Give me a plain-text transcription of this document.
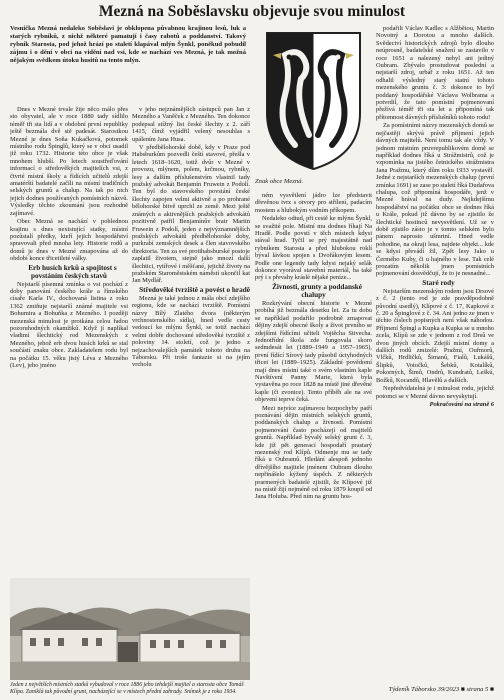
Mezná na Soběslavsku objevuje svou minulost
Vesnička Mezná nedaleko Soběslavi je obklopena půvabnou krajinou lesů, luk a starých rybníků, z nichž některé pamatují i časy rabotů a poddanství. Takový rybník Starosta, pod jehož hrází po staletí klapával mlýn Šynkl, poněkud pobudil zájmu i o dění v obci na vidění nad vsí, kde se nachází ves Mezná, je tak možná nějakým svědkem útoku husitů na tento mlýn.

Dnes v Mezné trvale žije něco málo přes sto obyvatel, ale v roce 1880 tady sídlilo téměř tři sta lidí a v obdobní první republiky ještě bezmála dvě stě padesát. Starostkou Mezné je dnes Soňa Kukačková, potomek místního rodu Špinglů, který se v obci usadil již roku 1732. Historie této obce je však mnohem hlubší. Po letech soustřeďování informací o středověkých majitelích vsi, z čtvrté místní školy a řídících učitelů zdejší amatérští badatelé začíli na místní tradičních selských gruntů a chalup. Na tak po nich jejich dodnes používaných pomístních názvů. Výsledky těchto zkoumání jsou rozhodně zajímavé.

Obec Mezná se nachází v pohlednou krajinu s dnes nexistující statky, místní pozůstalí předky, kteří jejich hospodářství spravovali před mnoha lety. Historie rodů a domů je dnes v Mezné zmapována až do období konce třicetileté války.

Erb husích krků a spojitost s povstáním českých stavů

Nejstarší písemná zmínka o vsi pochází z doby panování českého krále a římského císaře Karla IV., dochovaná listina z roku 1362 zmiňuje nejstarší známé majitele vsi Bohumira a Bohuňka z Mezného. I později mezenská minulost je protkána celou řadou pozoruhodných okamžiků. Když jí naplíkal vladimí šlechtický rod Mezenských z Mezného, jehož erb dvou husích krků se stal součástí znaku obce. Zakladatelem rodu byl na počátku 15. věku jistý Léva z Mezného (Lev), jeho jméno

v jeho nejznámějších zástupců pan Jan z Mezného a Vaněček z Mezného. Ten dokonce podepsal stížný list české šlechty z 2. září 1415, čímž vyjádřil velený nesouhlas s upálením Jana Husa.

V předbělohorské době, kdy v Praze pod Habsburkům pozvedli čeští stavové, přešla v letech 1618–1620, totiž dvůr v Mezné v provozu, mlýnem, polem, krčmou, rybníky, lesy a dalším příslušenstvím vlastnil tady pražský advokát Benjamín Fruwein z Podolí. Ten byl do stavovského povstání české šlechty zapojen velmi aktivně a po prohrané bělohorské bitvě uprchl ze země. Mezi ještě známých a aktivnějších pražských advokátů pozitivně patřil Benjamínův bratr Martin Fruwein z Podolí, jeden z nejvýznamnějších pražských advokátů předbělohorské doby, purkrabí zemských desek a člen stavovského direktoria. Ten za své protihabsburské postoje zaplatil životem, stejně jako mnozí další šlechtici, rytířové i měšťané, jejichž životy na pražském Staroměstském náměstí ukončil kat Jan Mydlář.

Středověké tvrziště a povést o hradě

Mezná je také jednou z mála obcí zdejšího regionu, kde se nachází tvrziště. Pomístní názvy Bílý Zlatého dvora (některým vrchnostenského sídla), hned vedle cesty vedoucí ke mlýnu Šynkl, se totiž nachází velmi dobře dochované středověké tvrziště z poloviny 14. století, což je jedno z nejzachovalejších památek tohoto druhu na Táborsku. Při troše fantazie si na jejím vrcholu

Znak obce Mezná.

ném vysvětlení jádro lze představit dřevěnou tvrz s otvory pro střílení, padacím mostem a hlubokým vodním příkopem.

Nedaleko odtud, při cestě ke mlýnu Šynkl, se svažité pole. Místní mu dodnes říkají Na Hradě. Podle povstí v těch místech kdysi stával hrad. Tyčil se prý majestátně nad rybníkem Starosta a před hlubokou roklí býval lávkou spojen s Dvořákovým lesem. Podle one legendy tady kdysi nejaký selák dokonce vyorával stavební materiál, ba také prý i s převahy kráslé nějaké peníze...

Živnosti, grunty a poddanské chalupy

Rozkrývání obecní historie v Mezné probíhá již bezmála desetku let. Za tu dobu se například podařilo podrobně zmapovat dějiny zdejší obecné školy a život prvního se zdejšími řídícími učiteli Vojtěcha Stivecha. Jednotřídní škola zde fungovala skoro sedmdesát let (1889–1949 a 1957–1965), první řídící Sírový tady působil úctyhodných třicet let (1889–1925). Základní povědomí mají dnes místní také o svém vlastním kaple Navštívení Panny Marie, která byla vystavěna po roce 1828 na místě jiné dřevěné kaple (či zvonice). Tento příběh ale na své objevení teprve čeká.

Mezi nejvíce zajímavou bezpochyby patří poznávání dějin místních selských gruntů, poddanských chalup a živností. Pomístní pojmenování často pocházejí od majitelů gruntů. Například bývalý selský grunt č. 3, kde již pět generací hospodaří prastarý mezenský rod Klípů. Odmenje mu se tady říká u Oubramů. Hledání alespoň jednoho dřívějšího majitele jménem Oubram dlouho nepřinášelo kýžený úspěch. Z některých prarmených badatelé zjistili, že Klípové již na místě žijí nejméně od roku 1879 koupil od Jana Holuba. Před ním na gruntu hos-

podařili Václav Kadlec s Alžbětou, Martin Novotný a Dorotou a mnoho dalších. Svědectví historických zdrojů bylo dlouho neúprosně, badatelské snažení se zastavilo v roce 1651 a nalezený nebyl ani jediný Oubram. Zbývalo prostudovat poslední a nejstarší zdroj, urbář z roku 1651. Až ten odhalil výsledný starý statní tohoto mezenského gruntu č. 3: dokonce to byl poddaný hospodářské Václava Wolbrama a potvrdil, že tato pomístní pojmenovaní přežívá téměř tři sta let a připomíná tak přítomnost dávných příslušníků tohoto rodu!

Za pomístními názvy mezenských domů se nejčastěji skrývá právě příjmení jejich dávných majitelů. Není tomu tak ale vždy. V jednom mistním pruvrepublikovém domě se například dodnes říká u Strážmistrů, což je vzpomínka na jistého četnického strážmistra Jana Pražmu, který dům roku 1933 vystavěl. Jedné z nejstarších mezenských chalup (první zmínka 1691) se zase po staletí říká Dudařova chalupa, což připomíná hospodáře, jenž v Mezné hrával na dudy. Nejkdejšímu hospodářství na počátku obce se dodnes říká u Krále, pokud již dávno by se zjistilo že šlechtické hostinců nevysvětlení. Už se v době zjistilo zásto je v tomto selském bylo pánem naprosto ušmrtní. Hned vedle pohodine, na okraji lesa, najdete objekt... kde se kdysi převádí žil, Zpět lesy Jako u Čermého Kuby, či u hajného v lese. Tak celé prozatím několik jmen pomístních pojmenování dosvědčují, že to je nesnadné...

Staré rody

Nejstarším mezenským rodem jsou Drsové z č. 2 (tento rod je zde pravděpodobně původní usedlý), Klípové z č. 17, Kapkové z č. 20 a Špinglové z č. 34. Ani jedno ze jmen v těchto číslech popisných není však náhodou. Příjmení Špingl a Kupka a Kupka se u mnoho zcela, Klípů se zde v jednom z rod Drsů ve dvou jiných obcích. Zdejší místní domy a dalších rodů zmizelé: Pražmí, Ouřmorů, Vlčků, Hrdličků, Šimanů, Fialů, Lukášů, Šlipků, Votočků, Šebků, Kotalíků, Pokorných, Šimů, Ondrů, Kundratů, Leškú, Božků, Kocandů, Hlavělů a dalších.

Nepředvídatelná je i minulost rodu, jejichž potomci se v Mezné dávno nevyskytují.

Pokračování na straně 6

Jeden z největších místních statků vybudoval v roce 1886 jeho tehdejší majitel a starosta obce Tomáš Klípa. Zaniklá tak původní grunt, nacházející se v místech přední zahrady. Snímek je z roku 1934.	Týdeník Táborsko 39/2023 ■ strana 5 ■
